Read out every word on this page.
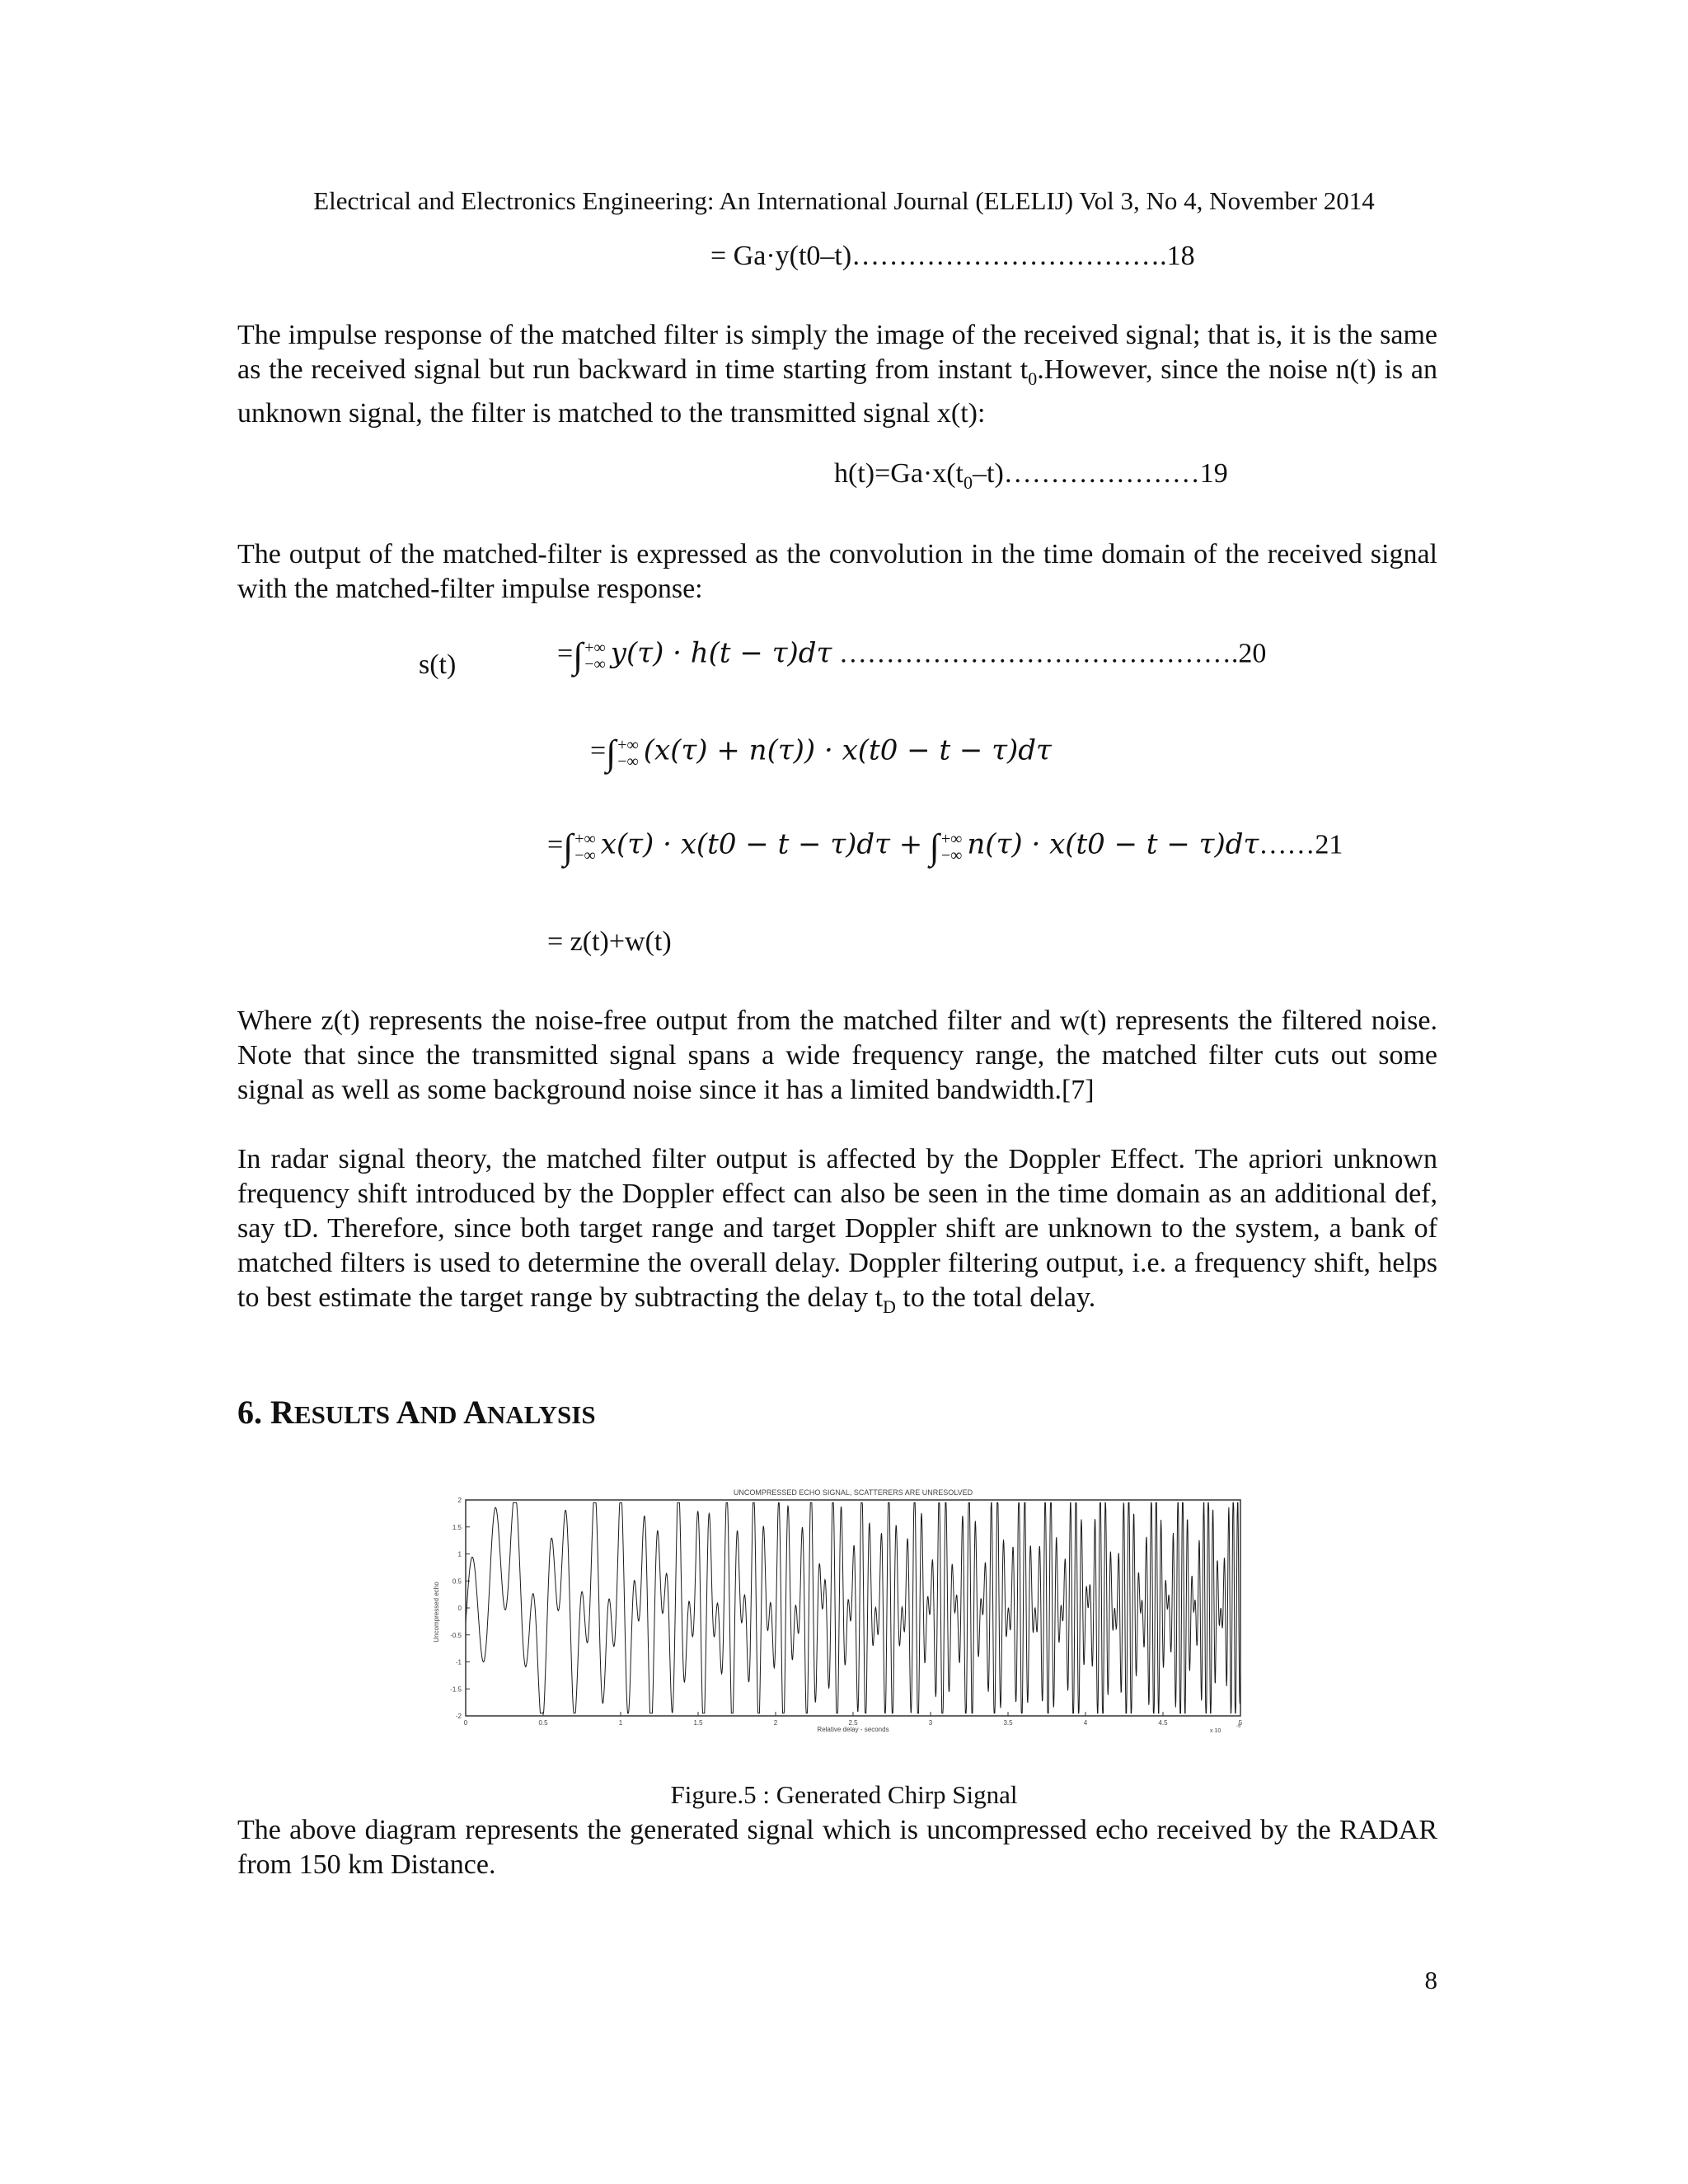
Electrical and Electronics Engineering: An International Journal (ELELIJ) Vol 3, No 4, November 2014
= Ga·y(t0–t)…………………………….18
The impulse response of the matched filter is simply the image of the received signal; that is, it is the same as the received signal but run backward in time starting from instant $t_0.However$, since the noise n(t) is an unknown signal, the filter is matched to the transmitted signal x(t):
$h(t)=Ga\cdot x(t_0-t)\dots\dots\dots\dots\dots\dots\dots 19$
The output of the matched-filter is expressed as the convolution in the time domain of the received signal with the matched-filter impulse response:
s(t)	=∫ +∞
−∞ y(τ) · h(t − τ)dτ …………………………………….20
=∫ +∞
−∞ (x(τ) + n(τ)) · x(t0 − t − τ)dτ
=∫ +∞
−∞ x(τ) · x(t0 − t − τ)dτ + ∫ +∞
−∞ n(τ) · x(t0 − t − τ)dτ……21
= z(t)+w(t)
Where z(t) represents the noise-free output from the matched filter and w(t) represents the filtered noise. Note that since the transmitted signal spans a wide frequency range, the matched filter cuts out some signal as well as some background noise since it has a limited bandwidth.[7]
In radar signal theory, the matched filter output is affected by the Doppler Effect. The apriori unknown frequency shift introduced by the Doppler effect can also be seen in the time domain as an additional def, say tD. Therefore, since both target range and target Doppler shift are unknown to the system, a bank of matched filters is used to determine the overall delay. Doppler filtering output, i.e. a frequency shift, helps to best estimate the target range by subtracting the delay $t_D$ to the total delay.
6. RESULTS AND ANALYSIS
UNCOMPRESSED ECHO SIGNAL, SCATTERERS ARE UNRESOLVED
Uncompressed echo
Relative delay - seconds	x 10
-5
0	0.5	1	1.5	2	2.5	3	3.5	4	4.5	5
2
1.5
1
0.5
0
-0.5
-1
-1.5
-2
Figure.5 : Generated Chirp Signal
The above diagram represents the generated signal which is uncompressed echo received by the RADAR from 150 km Distance.
8
